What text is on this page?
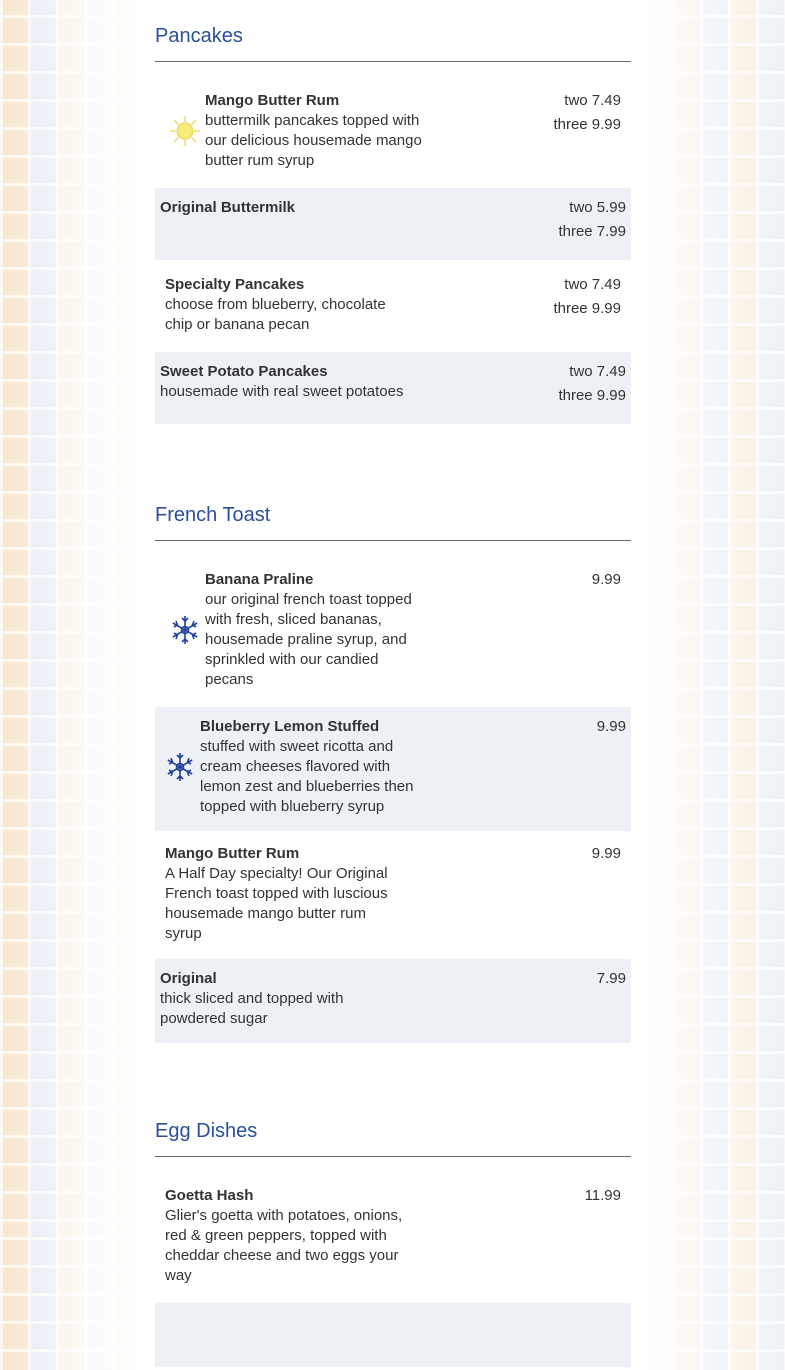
Pancakes
Mango Butter Rum
buttermilk pancakes topped with our delicious housemade mango butter rum syrup
two 7.49
three 9.99
Original Buttermilk	two 5.99
three 7.99
Specialty Pancakes
choose from blueberry, chocolate chip or banana pecan
two 7.49
three 9.99
Sweet Potato Pancakes
housemade with real sweet potatoes
two 7.49
three 9.99
French Toast
Banana Praline
our original french toast topped with fresh, sliced bananas, housemade praline syrup, and sprinkled with our candied pecans
9.99
Blueberry Lemon Stuffed
stuffed with sweet ricotta and cream cheeses flavored with lemon zest and blueberries then topped with blueberry syrup
9.99
Mango Butter Rum
A Half Day specialty! Our Original French toast topped with luscious housemade mango butter rum syrup
9.99
Original
thick sliced and topped with powdered sugar
7.99
Egg Dishes
Goetta Hash
Glier's goetta with potatoes, onions, red & green peppers, topped with cheddar cheese and two eggs your way
11.99
